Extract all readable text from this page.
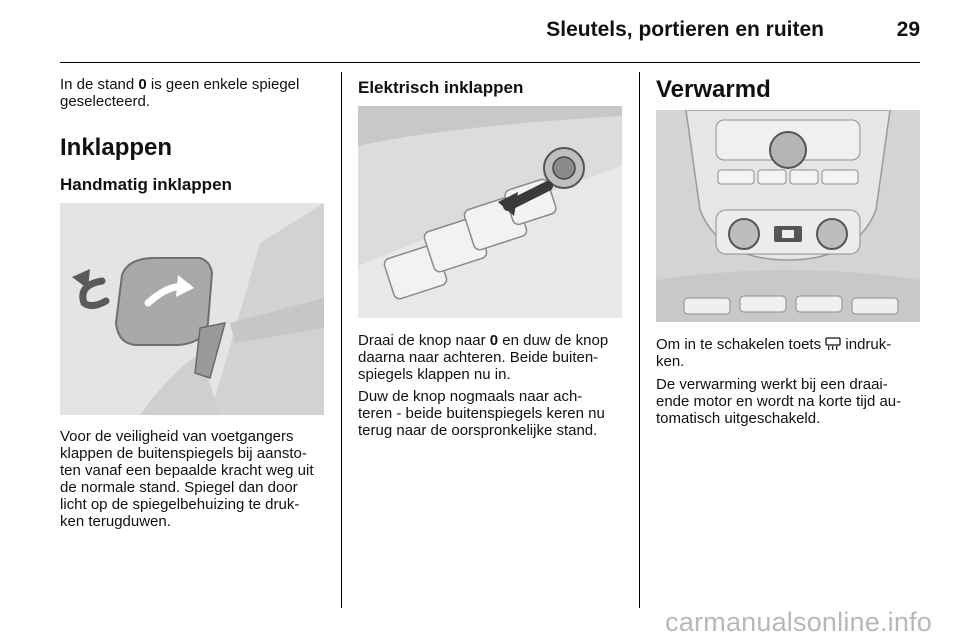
Sleutels, portieren en ruiten	29

In de stand 0 is geen enkele spiegel

geselecteerd.

Inklappen
Handmatig inklappen

Voor de veiligheid van voetgangers

klappen de buitenspiegels bij aansto-

ten vanaf een bepaalde kracht weg uit

de normale stand. Spiegel dan door

licht op de spiegelbehuizing te druk-

ken terugduwen.

Elektrisch inklappen

Draai de knop naar 0 en duw de knop

daarna naar achteren. Beide buiten-

spiegels klappen nu in.

Duw de knop nogmaals naar ach-

teren - beide buitenspiegels keren nu

terug naar de oorspronkelijke stand.

Verwarmd

Om in te schakelen toets  indruk-

ken.

De verwarming werkt bij een draai-

ende motor en wordt na korte tijd au-

tomatisch uitgeschakeld.

carmanualsonline.info
